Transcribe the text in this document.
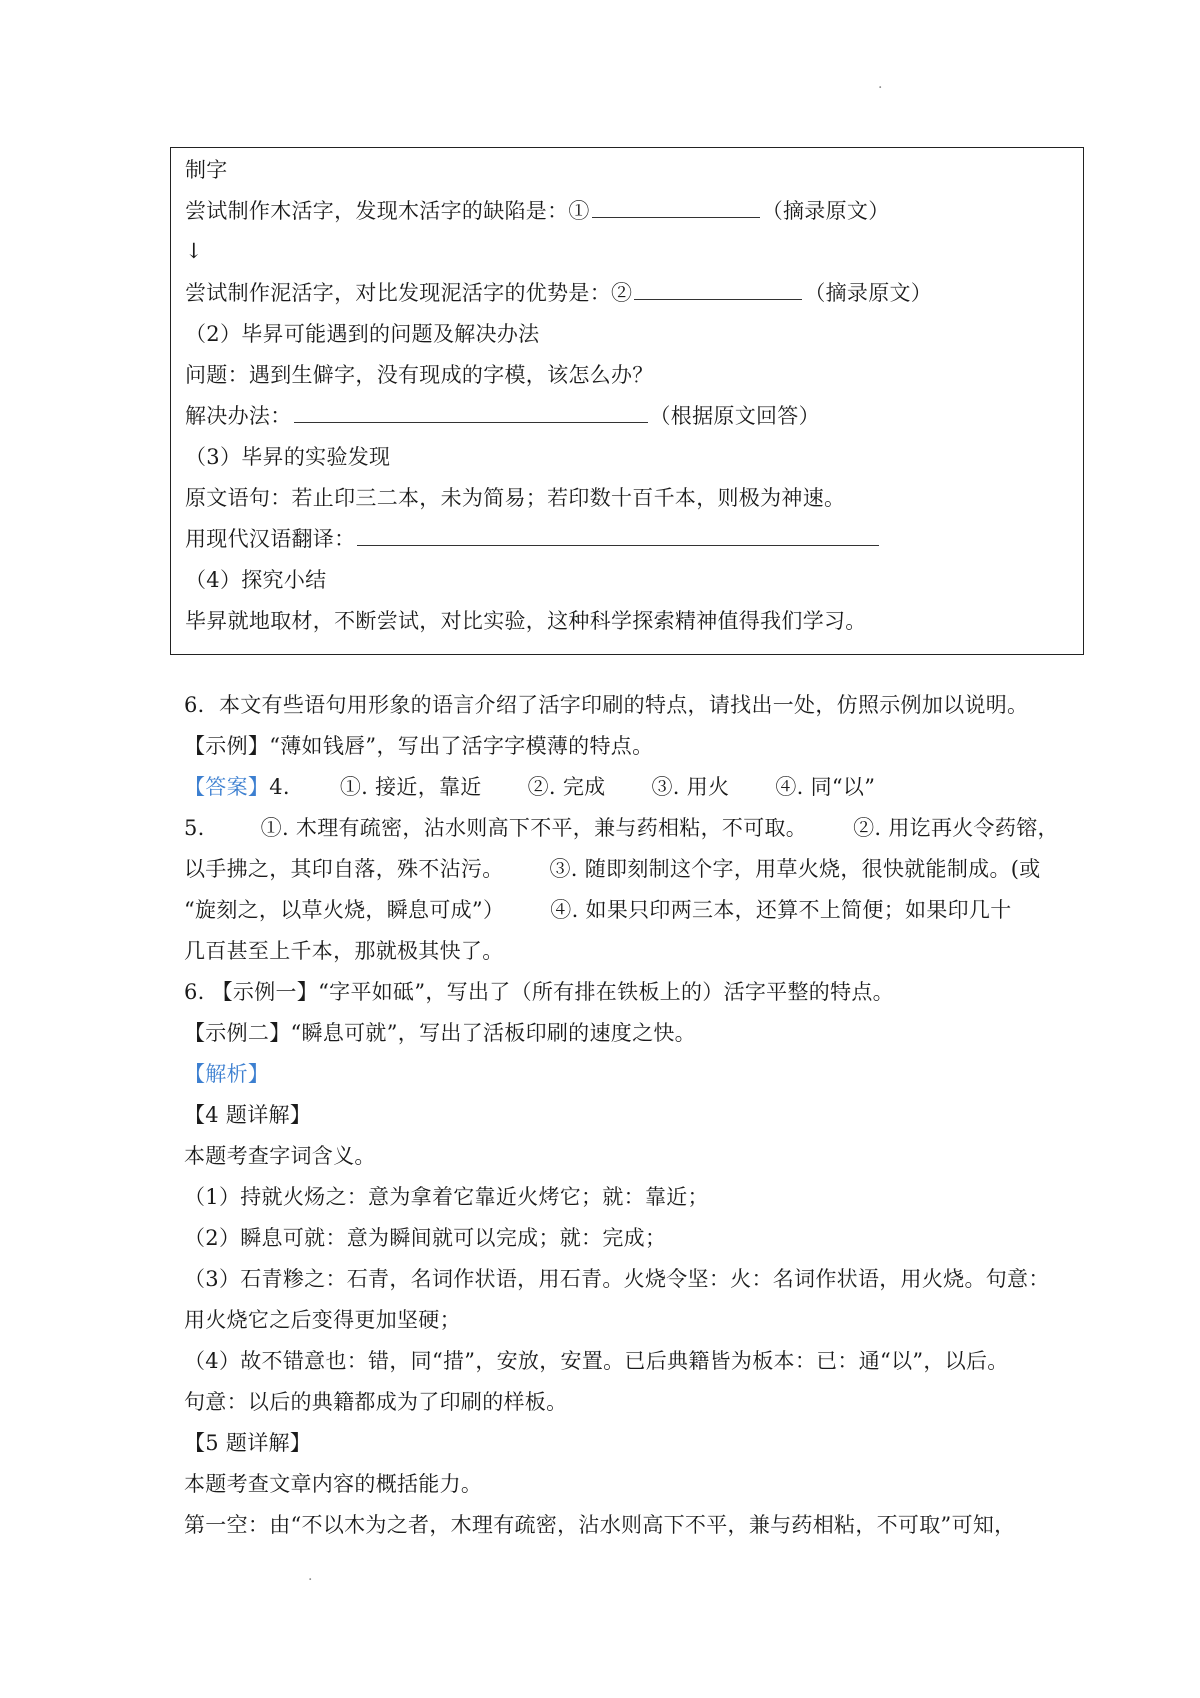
·
制字
尝试制作木活字，发现木活字的缺陷是：①	（摘录原文）
↓
尝试制作泥活字，对比发现泥活字的优势是：②	（摘录原文）
（2）毕昇可能遇到的问题及解决办法
问题：遇到生僻字，没有现成的字模，该怎么办？
解决办法：	（根据原文回答）
（3）毕昇的实验发现
原文语句：若止印三二本，未为简易；若印数十百千本，则极为神速。
用现代汉语翻译：
（4）探究小结
毕昇就地取材，不断尝试，对比实验，这种科学探索精神值得我们学习。
6．本文有些语句用形象的语言介绍了活字印刷的特点，请找出一处，仿照示例加以说明。
【示例】“薄如钱唇”，写出了活字字模薄的特点。
【答案】4. ①. 接近，靠近 ②. 完成 ③. 用火 ④. 同“以”
5.	①. 木理有疏密，沾水则高下不平，兼与药相粘，不可取。 ②. 用讫再火令药镕，
以手拂之，其印自落，殊不沾污。 ③. 随即刻制这个字，用草火烧，很快就能制成。(或
“旋刻之，以草火烧，瞬息可成”） ④. 如果只印两三本，还算不上简便；如果印几十
几百甚至上千本，那就极其快了。
6. 【示例一】“字平如砥”，写出了（所有排在铁板上的）活字平整的特点。
【示例二】“瞬息可就”，写出了活板印刷的速度之快。
【解析】
【4 题详解】
本题考查字词含义。
（1）持就火炀之：意为拿着它靠近火烤它；就：靠近；
（2）瞬息可就：意为瞬间就可以完成；就：完成；
（3）石青糁之：石青，名词作状语，用石青。火烧令坚：火：名词作状语，用火烧。句意：
用火烧它之后变得更加坚硬；
（4）故不错意也：错，同“措”，安放，安置。已后典籍皆为板本：已：通“以”，以后。
句意：以后的典籍都成为了印刷的样板。
【5 题详解】
本题考查文章内容的概括能力。
第一空：由“不以木为之者，木理有疏密，沾水则高下不平，兼与药相粘，不可取”可知，
·
